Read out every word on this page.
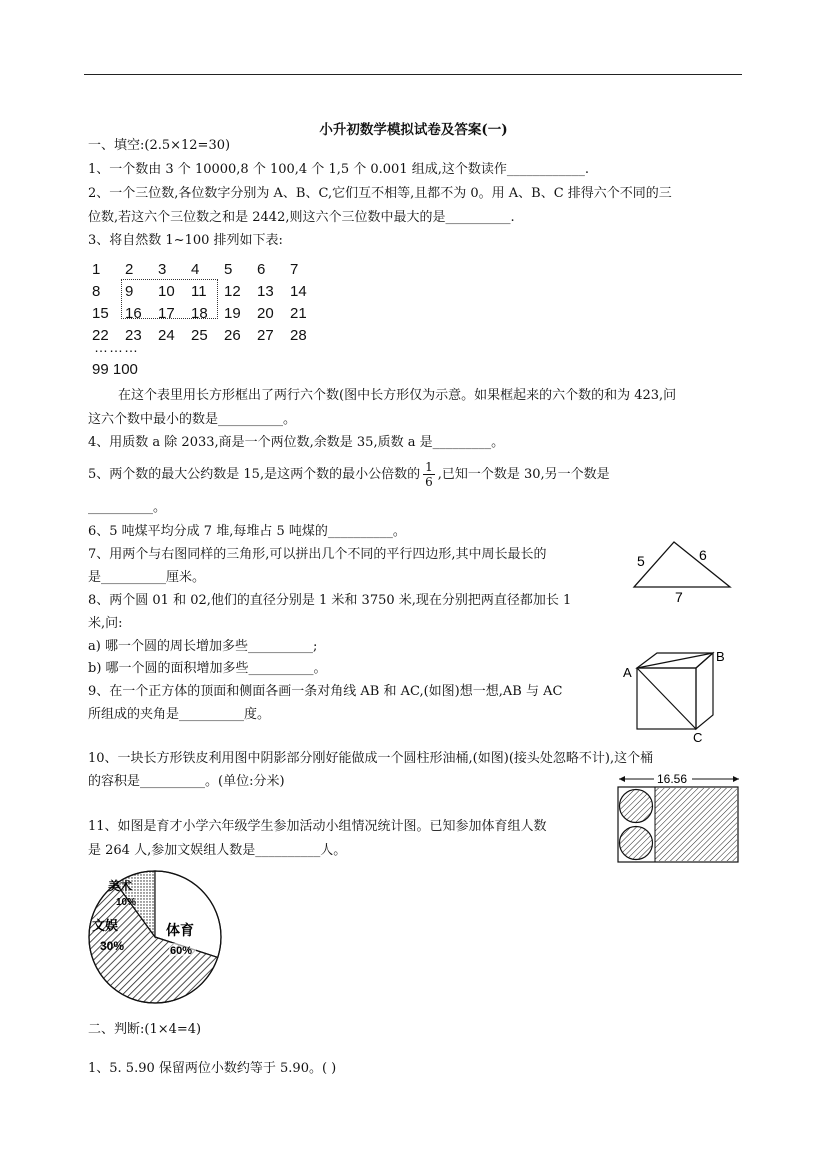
小升初数学模拟试卷及答案(一)
一、填空:(2.5×12=30)
1、一个数由 3 个 10000,8 个 100,4 个 1,5 个 0.001 组成,这个数读作____________.
2、一个三位数,各位数字分别为 A、B、C,它们互不相等,且都不为 0。用 A、B、C 排得六个不同的三
位数,若这六个三位数之和是 2442,则这六个三位数中最大的是__________.
3、将自然数 1~100 排列如下表:
1	2	3	4	5	6	7
8	9	10	11	12	13	14
15	16	17	18	19	20	21
22	23	24	25	26	27	28
………
99 100
在这个表里用长方形框出了两行六个数(图中长方形仅为示意。如果框起来的六个数的和为 423,问
这六个数中最小的数是__________。
4、用质数 a 除 2033,商是一个两位数,余数是 35,质数 a 是_________。
5、两个数的最大公约数是 15,是这两个数的最小公倍数的 $\frac{1}{6}$ ,已知一个数是 30,另一个数是
__________。
6、5 吨煤平均分成 7 堆,每堆占 5 吨煤的__________。
7、用两个与右图同样的三角形,可以拼出几个不同的平行四边形,其中周长最长的
是__________厘米。
5	6
7
8、两个圆 01 和 02,他们的直径分别是 1 米和 3750 米,现在分别把两直径都加长 1
米,问:
a) 哪一个圆的周长增加多些__________;
b) 哪一个圆的面积增加多些__________。	A
B
C
9、在一个正方体的顶面和侧面各画一条对角线 AB 和 AC,(如图)想一想,AB 与 AC
所组成的夹角是__________度。
10、一块长方形铁皮利用图中阴影部分刚好能做成一个圆柱形油桶,(如图)(接头处忽略不计),这个桶
的容积是__________。(单位:分米)	16.56
11、如图是育才小学六年级学生参加活动小组情况统计图。已知参加体育组人数
是 264 人,参加文娱组人数是__________人。
美术
10%
文娱
30%
体育
60%
二、判断:(1×4=4)
1、5. 5.90 保留两位小数约等于 5.90。( )
